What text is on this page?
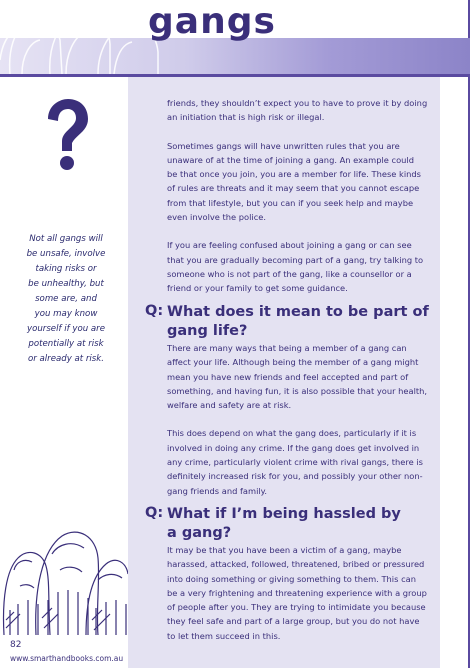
gangs
Not all gangs will
be unsafe, involve
taking risks or
be unhealthy, but
some are, and
you may know
yourself if you are
potentially at risk
or already at risk.

friends, they shouldn’t expect you to have to prove it by doing
an initiation that is high risk or illegal.

Sometimes gangs will have unwritten rules that you are
unaware of at the time of joining a gang. An example could
be that once you join, you are a member for life. These kinds
of rules are threats and it may seem that you cannot escape
from that lifestyle, but you can if you seek help and maybe
even involve the police.

If you are feeling confused about joining a gang or can see
that you are gradually becoming part of a gang, try talking to
someone who is not part of the gang, like a counsellor or a
friend or your family to get some guidance.

Q: What does it mean to be part of
gang life?

There are many ways that being a member of a gang can
affect your life. Although being the member of a gang might
mean you have new friends and feel accepted and part of
something, and having fun, it is also possible that your health,
welfare and safety are at risk.

This does depend on what the gang does, particularly if it is
involved in doing any crime. If the gang does get involved in
any crime, particularly violent crime with rival gangs, there is
definitely increased risk for you, and possibly your other non-
gang friends and family.

Q: What if I’m being hassled by
a gang?

It may be that you have been a victim of a gang, maybe
harassed, attacked, followed, threatened, bribed or pressured
into doing something or giving something to them. This can
be a very frightening and threatening experience with a group
of people after you. They are trying to intimidate you because
they feel safe and part of a large group, but you do not have
to let them succeed in this.

82
www.smarthandbooks.com.au
